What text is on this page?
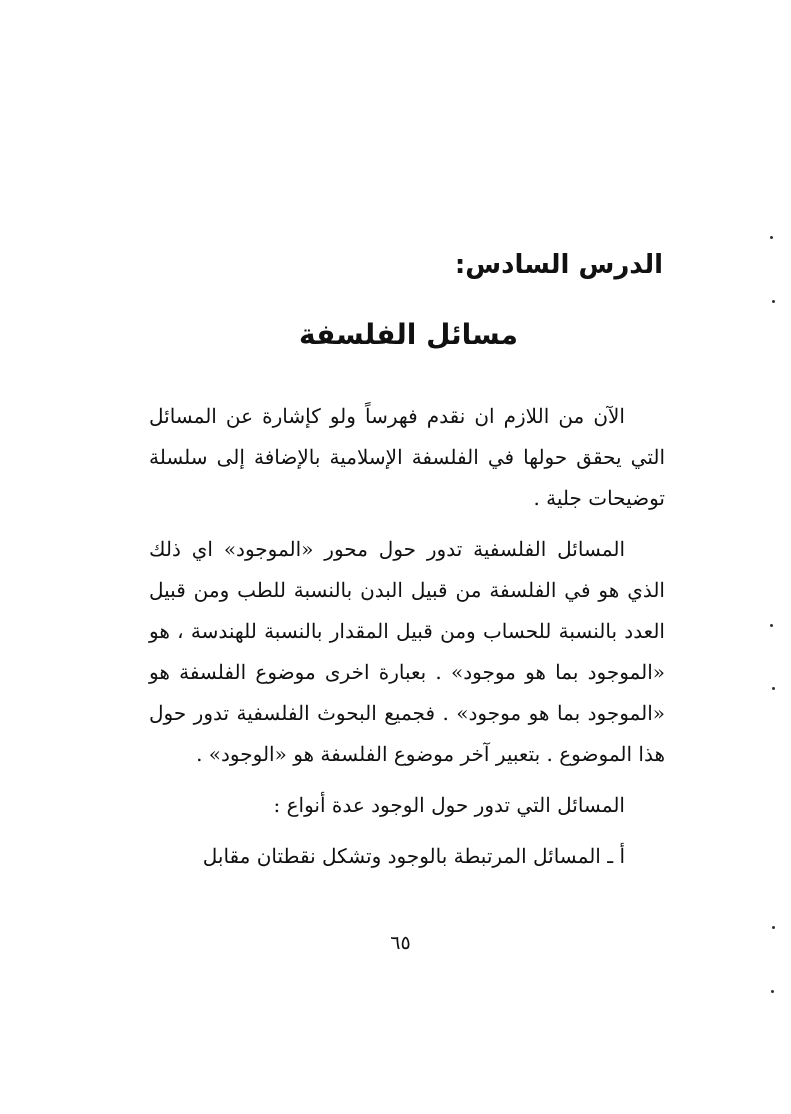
الدرس السادس:
مسائل الفلسفة

الآن من اللازم ان نقدم فهرساً ولو كإشارة عن المسائل التي يحقق حولها في الفلسفة الإسلامية بالإضافة إلى سلسلة توضيحات جلية .

المسائل الفلسفية تدور حول محور «الموجود» اي ذلك الذي هو في الفلسفة من قبيل البدن بالنسبة للطب ومن قبيل العدد بالنسبة للحساب ومن قبيل المقدار بالنسبة للهندسة ، هو «الموجود بما هو موجود» . بعبارة اخرى موضوع الفلسفة هو «الموجود بما هو موجود» . فجميع البحوث الفلسفية تدور حول هذا الموضوع . بتعبير آخر موضوع الفلسفة هو «الوجود» .

المسائل التي تدور حول الوجود عدة أنواع :

أ ـ المسائل المرتبطة بالوجود وتشكل نقطتان مقابل

٦٥
